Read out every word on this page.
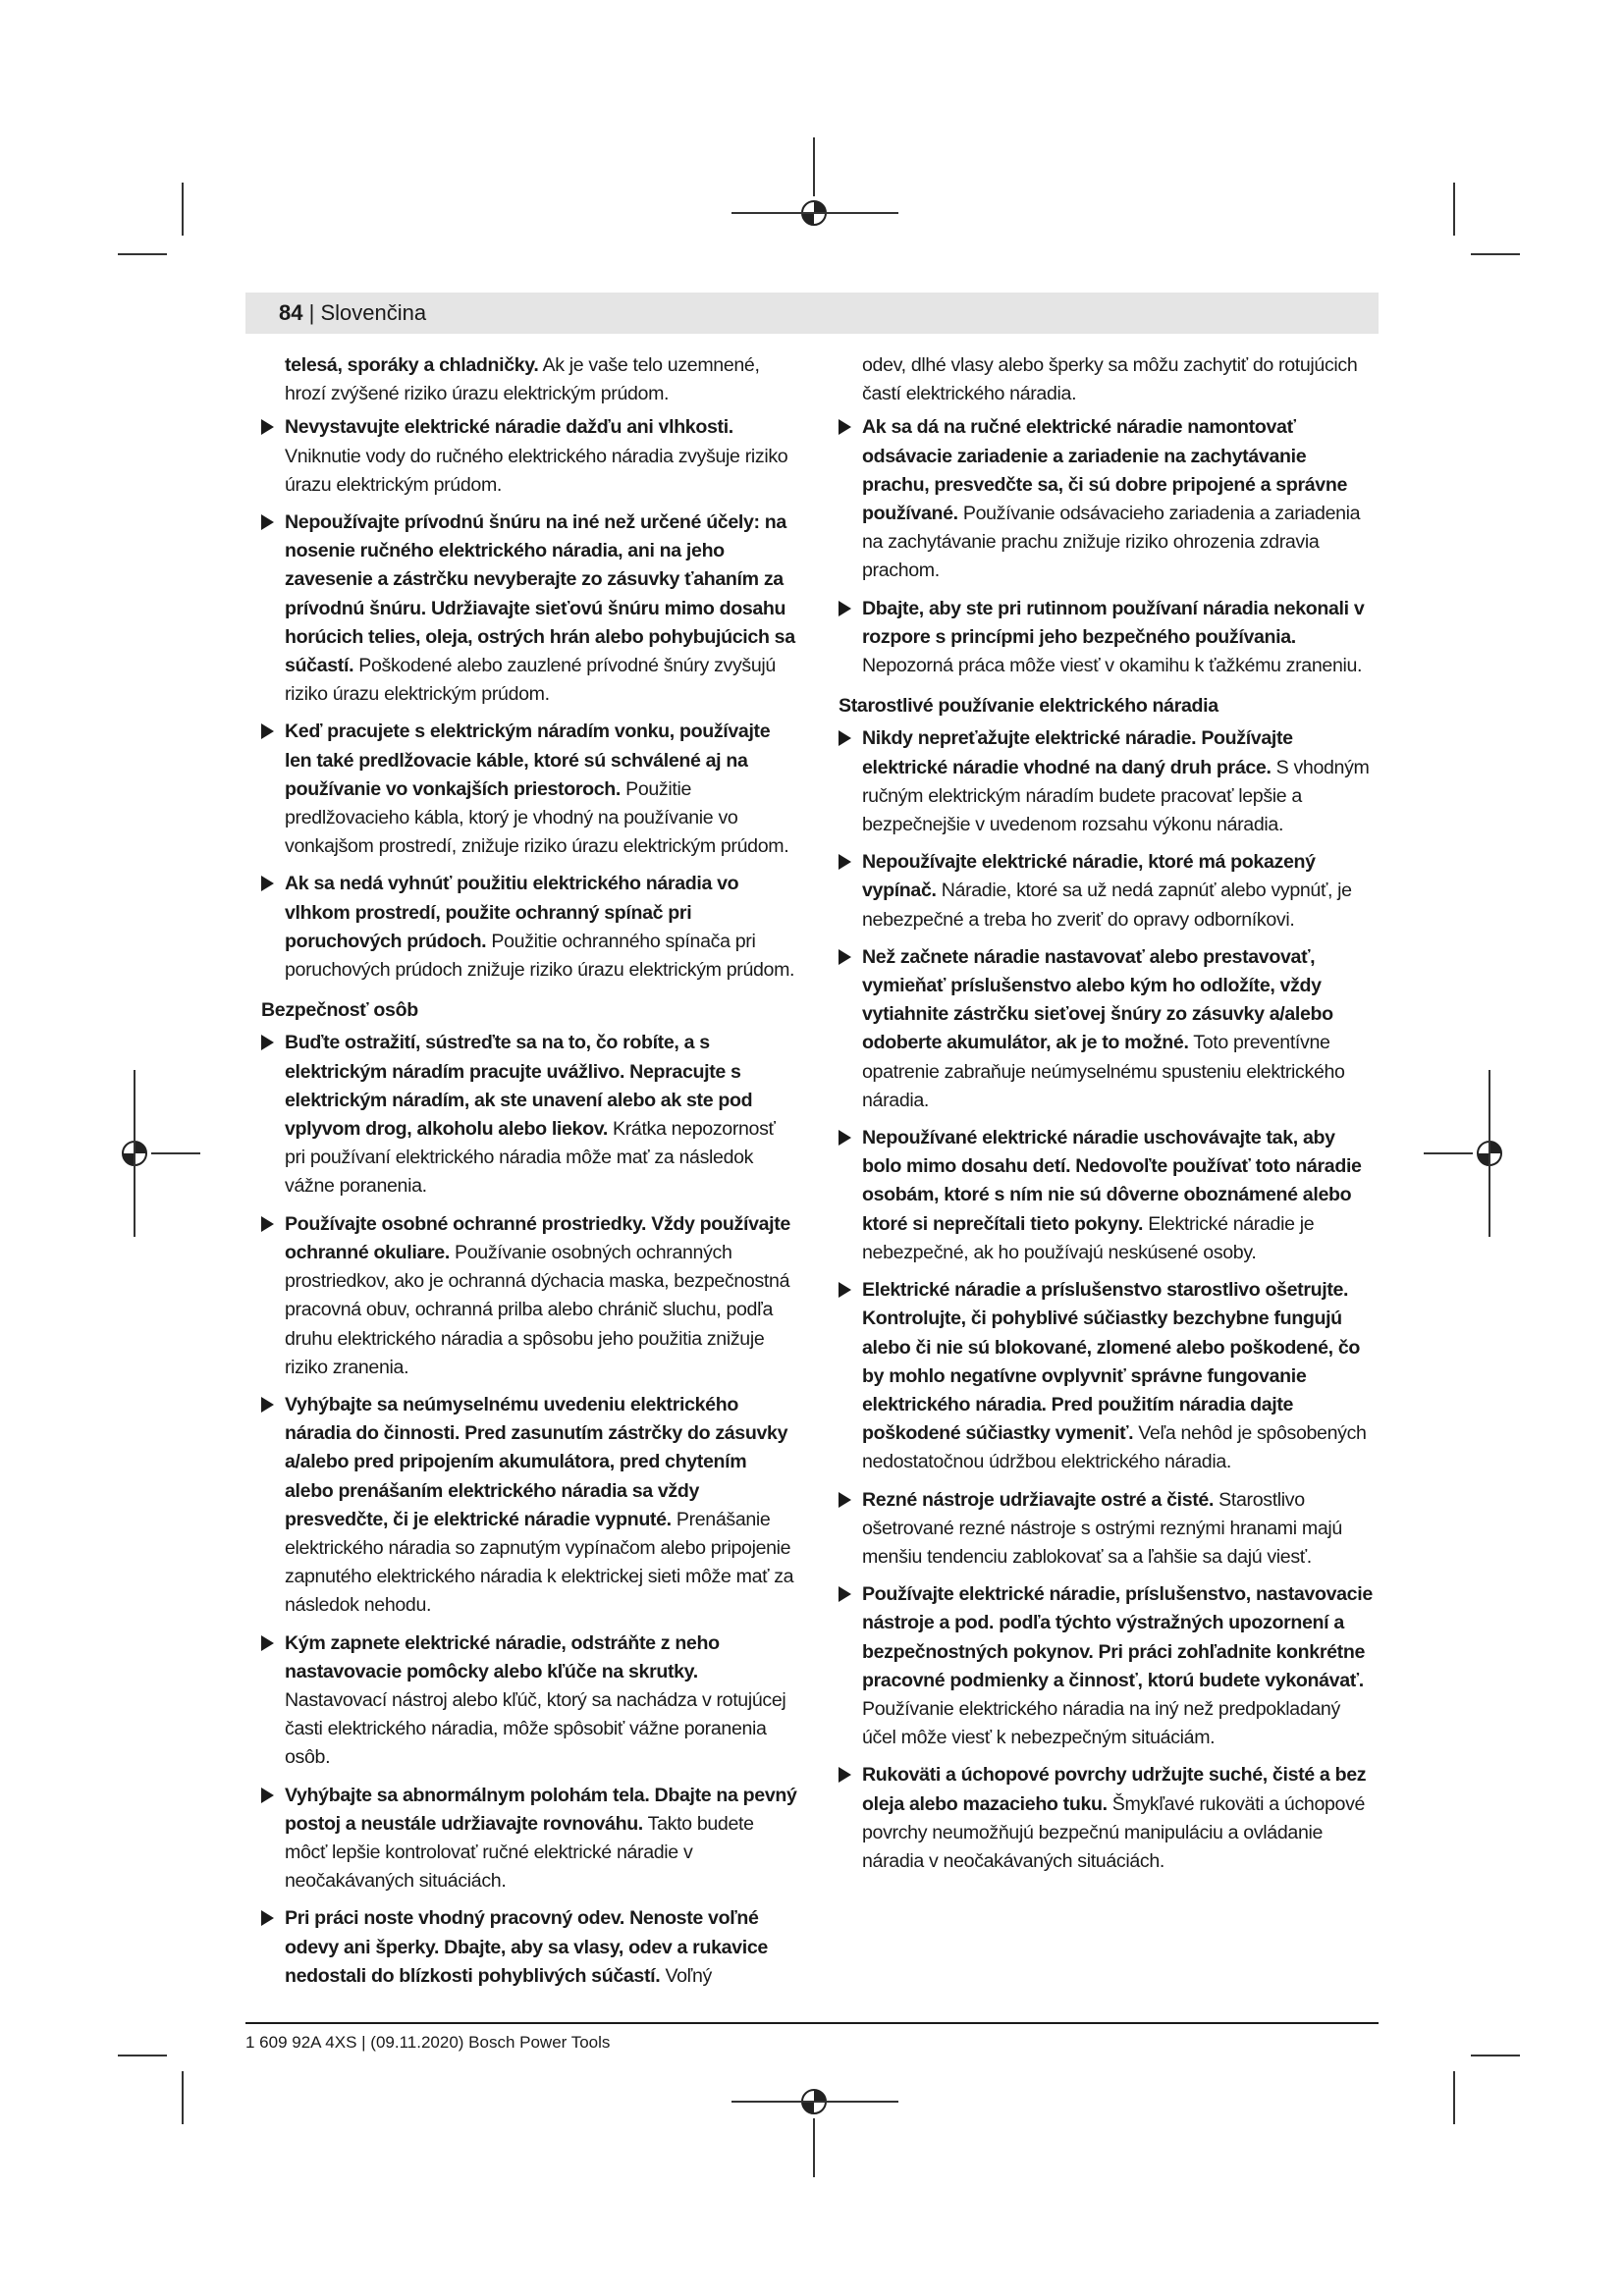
84 | Slovenčina

telesá, sporáky a chladničky. Ak je vaše telo uzemnené, hrozí zvýšené riziko úrazu elektrickým prúdom.

Nevystavujte elektrické náradie dažďu ani vlhkosti. Vniknutie vody do ručného elektrického náradia zvyšuje riziko úrazu elektrickým prúdom.
Nepoužívajte prívodnú šnúru na iné než určené účely: na nosenie ručného elektrického náradia, ani na jeho zavesenie a zástrčku nevyberajte zo zásuvky ťahaním za prívodnú šnúru. Udržiavajte sieťovú šnúru mimo dosahu horúcich telies, oleja, ostrých hrán alebo pohybujúcich sa súčastí. Poškodené alebo zauzlené prívodné šnúry zvyšujú riziko úrazu elektrickým prúdom.
Keď pracujete s elektrickým náradím vonku, používajte len také predlžovacie káble, ktoré sú schválené aj na používanie vo vonkajších priestoroch. Použitie predlžovacieho kábla, ktorý je vhodný na používanie vo vonkajšom prostredí, znižuje riziko úrazu elektrickým prúdom.
Ak sa nedá vyhnúť použitiu elektrického náradia vo vlhkom prostredí, použite ochranný spínač pri poruchových prúdoch. Použitie ochranného spínača pri poruchových prúdoch znižuje riziko úrazu elektrickým prúdom.
Bezpečnosť osôb
Buďte ostražití, sústreďte sa na to, čo robíte, a s elektrickým náradím pracujte uvážlivo. Nepracujte s elektrickým náradím, ak ste unavení alebo ak ste pod vplyvom drog, alkoholu alebo liekov. Krátka nepozornosť pri používaní elektrického náradia môže mať za následok vážne poranenia.
Používajte osobné ochranné prostriedky. Vždy používajte ochranné okuliare. Používanie osobných ochranných prostriedkov, ako je ochranná dýchacia maska, bezpečnostná pracovná obuv, ochranná prilba alebo chránič sluchu, podľa druhu elektrického náradia a spôsobu jeho použitia znižuje riziko zranenia.
Vyhýbajte sa neúmyselnému uvedeniu elektrického náradia do činnosti. Pred zasunutím zástrčky do zásuvky a/alebo pred pripojením akumulátora, pred chytením alebo prenášaním elektrického náradia sa vždy presvedčte, či je elektrické náradie vypnuté. Prenášanie elektrického náradia so zapnutým vypínačom alebo pripojenie zapnutého elektrického náradia k elektrickej sieti môže mať za následok nehodu.
Kým zapnete elektrické náradie, odstráňte z neho nastavovacie pomôcky alebo kľúče na skrutky. Nastavovací nástroj alebo kľúč, ktorý sa nachádza v rotujúcej časti elektrického náradia, môže spôsobiť vážne poranenia osôb.
Vyhýbajte sa abnormálnym polohám tela. Dbajte na pevný postoj a neustále udržiavajte rovnováhu. Takto budete môcť lepšie kontrolovať ručné elektrické náradie v neočakávaných situáciách.
Pri práci noste vhodný pracovný odev. Nenoste voľné odevy ani šperky. Dbajte, aby sa vlasy, odev a rukavice nedostali do blízkosti pohyblivých súčastí. Voľný

odev, dlhé vlasy alebo šperky sa môžu zachytiť do rotujúcich častí elektrického náradia.

Ak sa dá na ručné elektrické náradie namontovať odsávacie zariadenie a zariadenie na zachytávanie prachu, presvedčte sa, či sú dobre pripojené a správne používané. Používanie odsávacieho zariadenia a zariadenia na zachytávanie prachu znižuje riziko ohrozenia zdravia prachom.
Dbajte, aby ste pri rutinnom používaní náradia nekonali v rozpore s princípmi jeho bezpečného používania. Nepozorná práca môže viesť v okamihu k ťažkému zraneniu.
Starostlivé používanie elektrického náradia
Nikdy nepreťažujte elektrické náradie. Používajte elektrické náradie vhodné na daný druh práce. S vhodným ručným elektrickým náradím budete pracovať lepšie a bezpečnejšie v uvedenom rozsahu výkonu náradia.
Nepoužívajte elektrické náradie, ktoré má pokazený vypínač. Náradie, ktoré sa už nedá zapnúť alebo vypnúť, je nebezpečné a treba ho zveriť do opravy odborníkovi.
Než začnete náradie nastavovať alebo prestavovať, vymieňať príslušenstvo alebo kým ho odložíte, vždy vytiahnite zástrčku sieťovej šnúry zo zásuvky a/alebo odoberte akumulátor, ak je to možné. Toto preventívne opatrenie zabraňuje neúmyselnému spusteniu elektrického náradia.
Nepoužívané elektrické náradie uschovávajte tak, aby bolo mimo dosahu detí. Nedovoľte používať toto náradie osobám, ktoré s ním nie sú dôverne oboznámené alebo ktoré si neprečítali tieto pokyny. Elektrické náradie je nebezpečné, ak ho používajú neskúsené osoby.
Elektrické náradie a príslušenstvo starostlivo ošetrujte. Kontrolujte, či pohyblivé súčiastky bezchybne fungujú alebo či nie sú blokované, zlomené alebo poškodené, čo by mohlo negatívne ovplyvniť správne fungovanie elektrického náradia. Pred použitím náradia dajte poškodené súčiastky vymeniť. Veľa nehôd je spôsobených nedostatočnou údržbou elektrického náradia.
Rezné nástroje udržiavajte ostré a čisté. Starostlivo ošetrované rezné nástroje s ostrými reznými hranami majú menšiu tendenciu zablokovať sa a ľahšie sa dajú viesť.
Používajte elektrické náradie, príslušenstvo, nastavovacie nástroje a pod. podľa týchto výstražných upozornení a bezpečnostných pokynov. Pri práci zohľadnite konkrétne pracovné podmienky a činnosť, ktorú budete vykonávať. Používanie elektrického náradia na iný než predpokladaný účel môže viesť k nebezpečným situáciám.
Rukoväti a úchopové povrchy udržujte suché, čisté a bez oleja alebo mazacieho tuku. Šmykľavé rukoväti a úchopové povrchy neumožňujú bezpečnú manipuláciu a ovládanie náradia v neočakávaných situáciách.
1 609 92A 4XS | (09.11.2020) Bosch Power Tools
